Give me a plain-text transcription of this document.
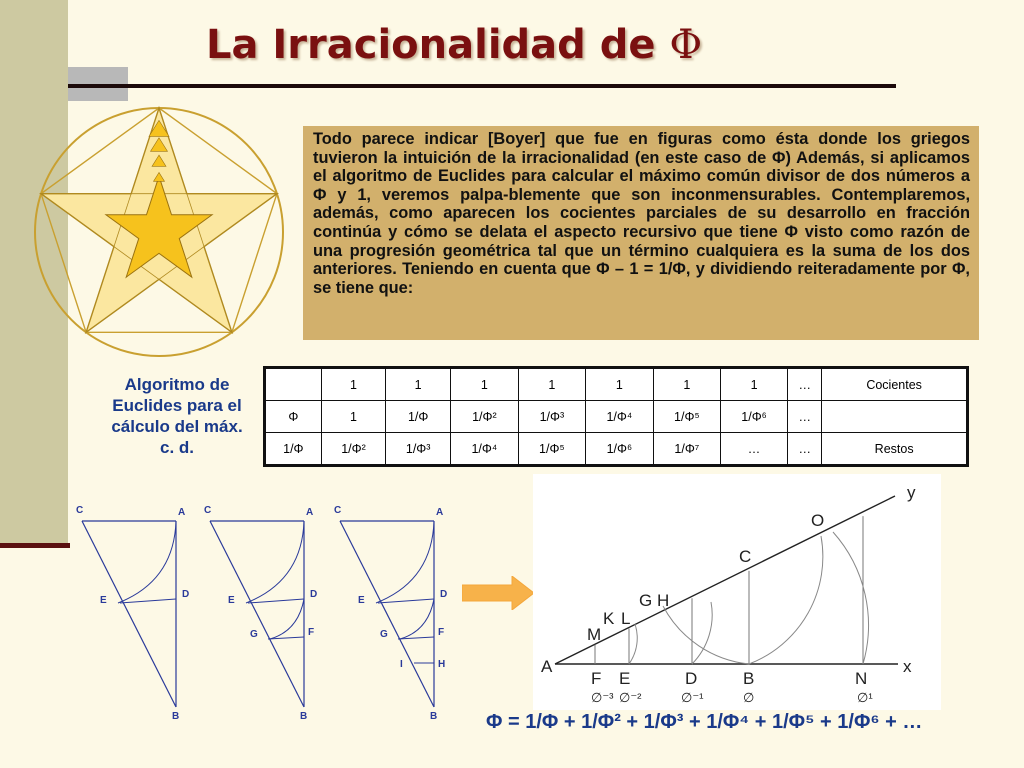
La Irracionalidad de Φ
Todo parece indicar [Boyer] que fue en figuras como ésta donde los griegos tuvieron la intuición de la irracionalidad (en este caso de Φ) Además, si aplicamos el algoritmo de Euclides para calcular el máximo común divisor de dos números a Φ y 1, veremos palpa-blemente que son inconmensurables. Contemplaremos, además, como aparecen los cocientes parciales de su desarrollo en fracción continúa y cómo se delata el aspecto recursivo que tiene Φ visto como razón de una progresión geométrica tal que un término cualquiera es la suma de los dos anteriores. Teniendo en cuenta que Φ – 1 = 1/Φ, y dividiendo reiteradamente por Φ, se tiene que:
Algoritmo de Euclides para el cálculo del máx. c. d.
	1	1	1	1	1	1	1	…	Cocientes
Φ	1	1/Φ	1/Φ²	1/Φ³	1/Φ⁴	1/Φ⁵	1/Φ⁶	…	
1/Φ	1/Φ²	1/Φ³	1/Φ⁴	1/Φ⁵	1/Φ⁶	1/Φ⁷	…	…	Restos
C	A
B
E
D
C	A
B
E
D
G	F
C	A
B
E
D
G	F
I	H
y
O
C
G H
K L
M
A	x
F E	D	B	N
∅⁻³ ∅⁻²	∅⁻¹	∅	∅¹

Φ = 1/Φ + 1/Φ² + 1/Φ³ + 1/Φ⁴ + 1/Φ⁵ + 1/Φ⁶ + …
